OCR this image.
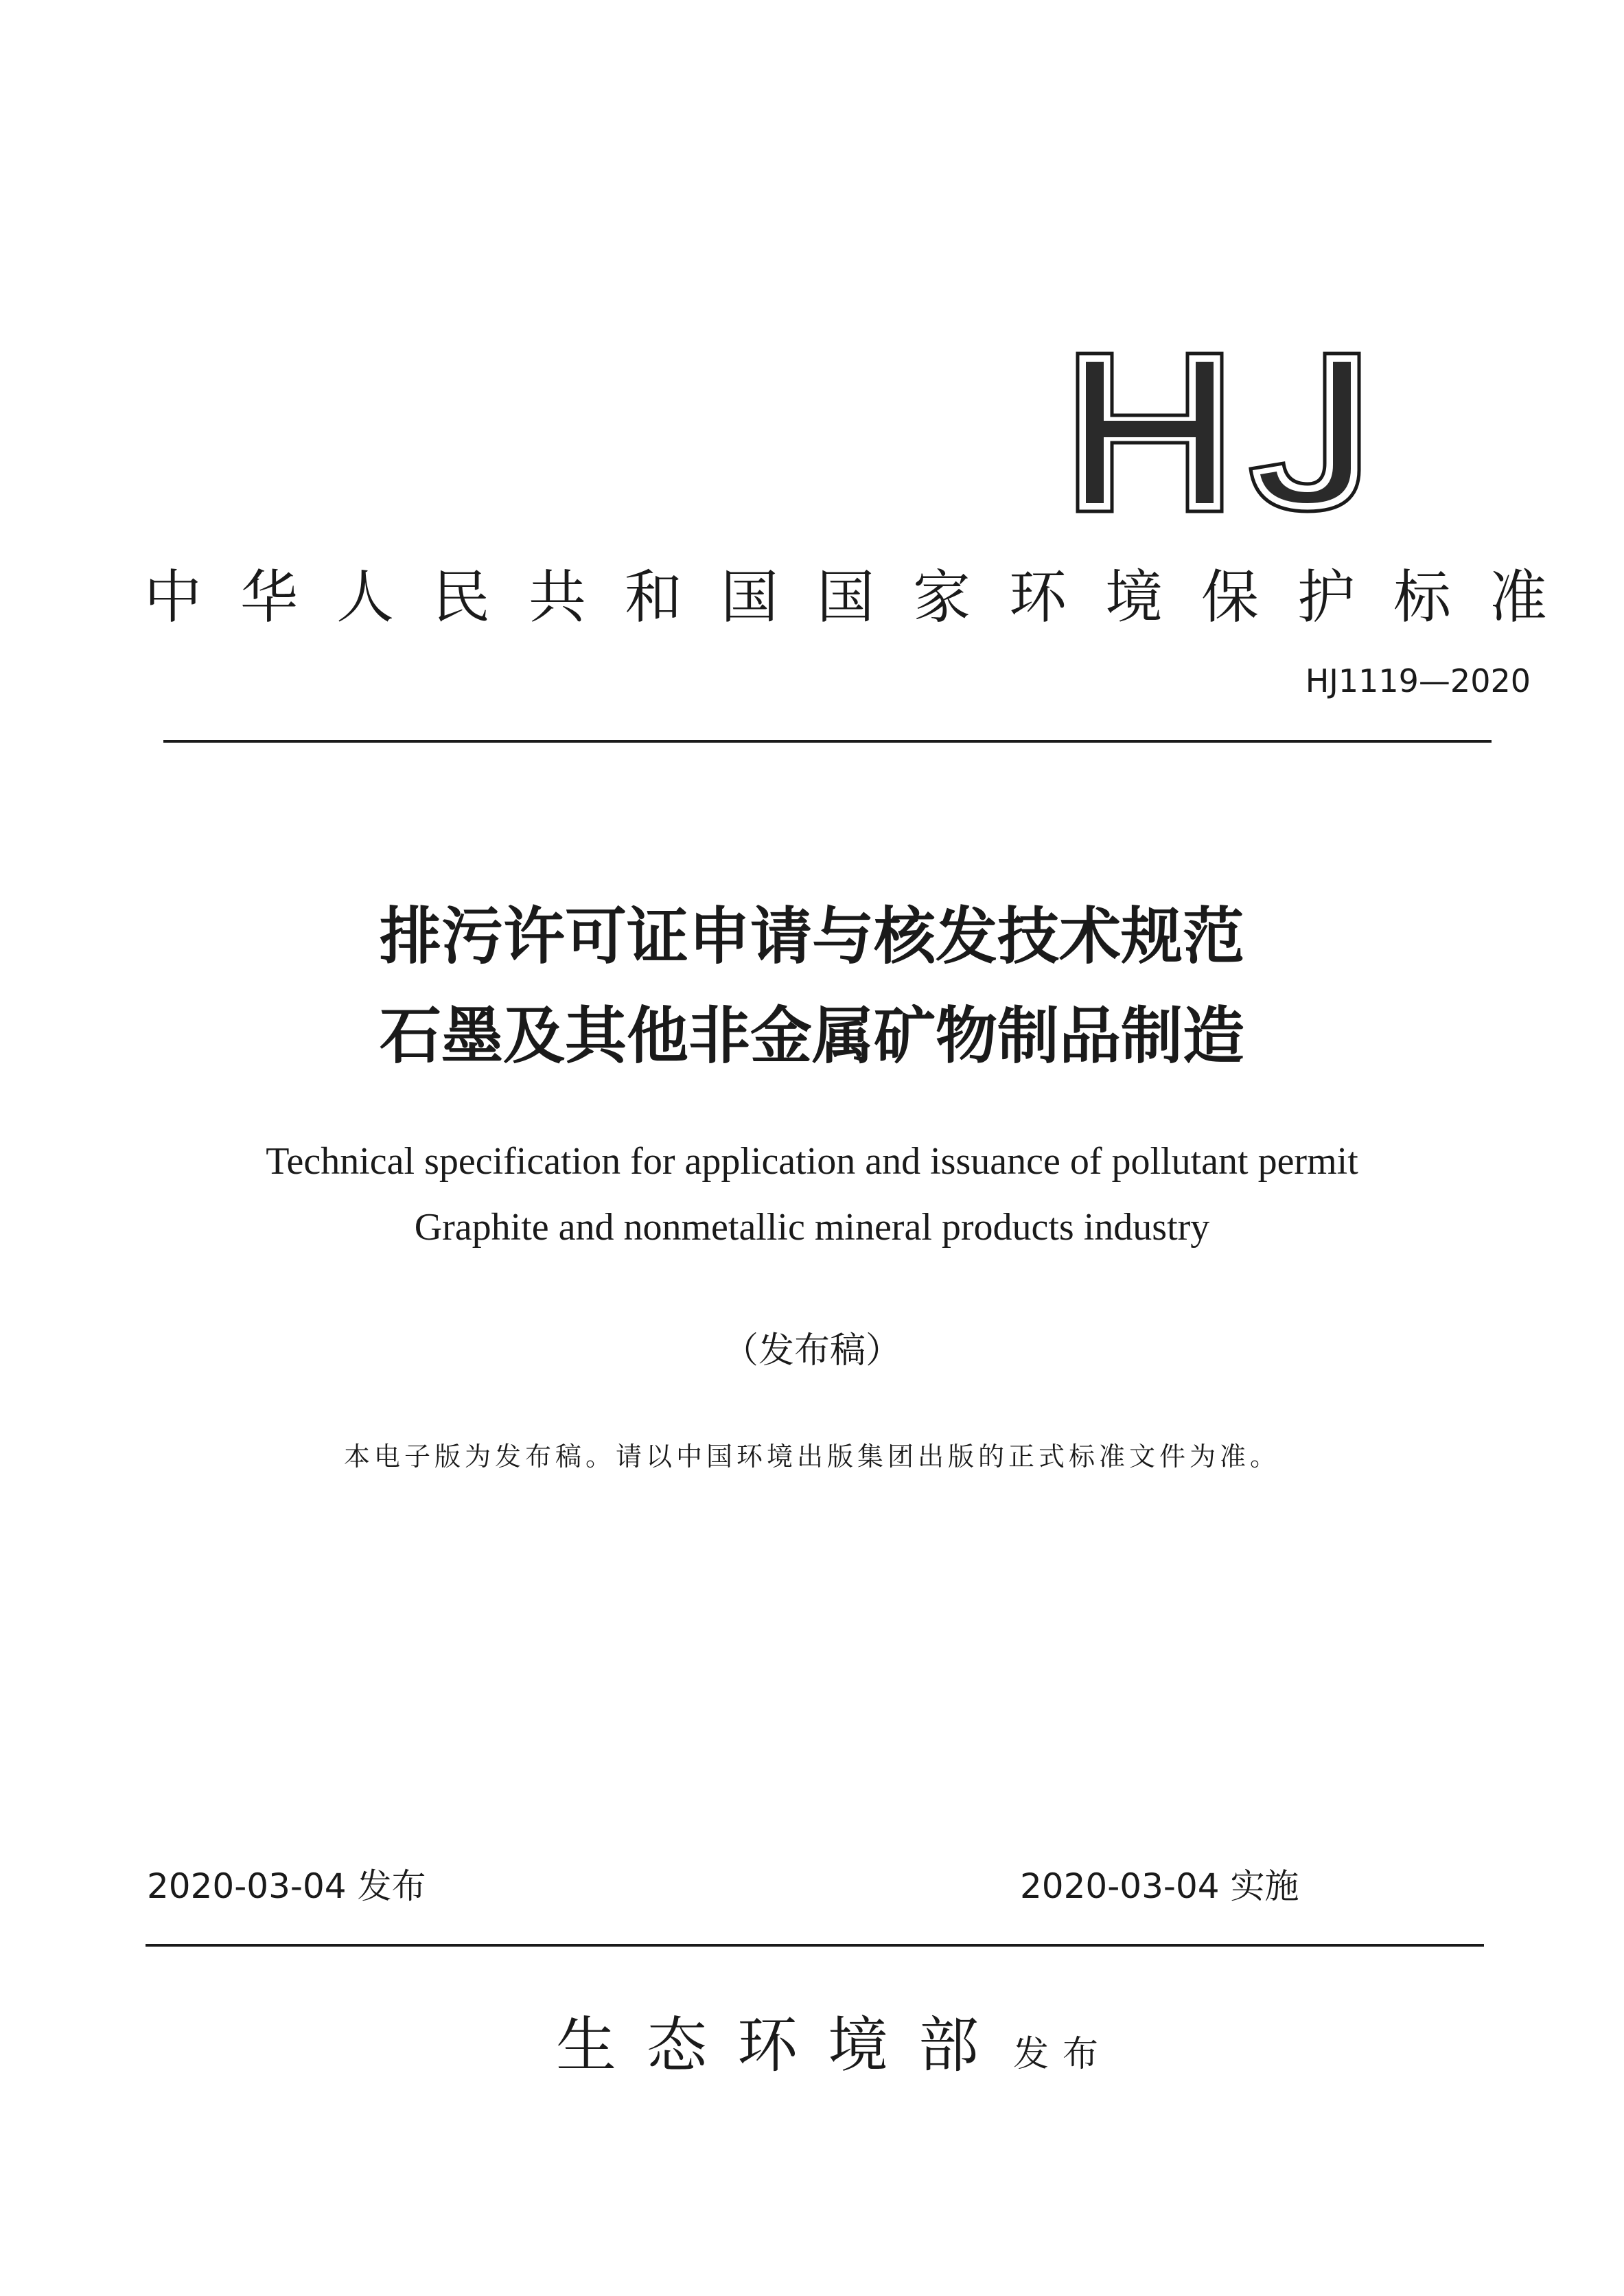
中华人民共和国国家环境保护标准
HJ1119—2020
排污许可证申请与核发技术规范
石墨及其他非金属矿物制品制造
Technical specification for application and issuance of pollutant permit
Graphite and nonmetallic mineral products industry
（发布稿）
本电子版为发布稿。请以中国环境出版集团出版的正式标准文件为准。
2020-03-04 发布	2020-03-04 实施
生态环境部 发布
